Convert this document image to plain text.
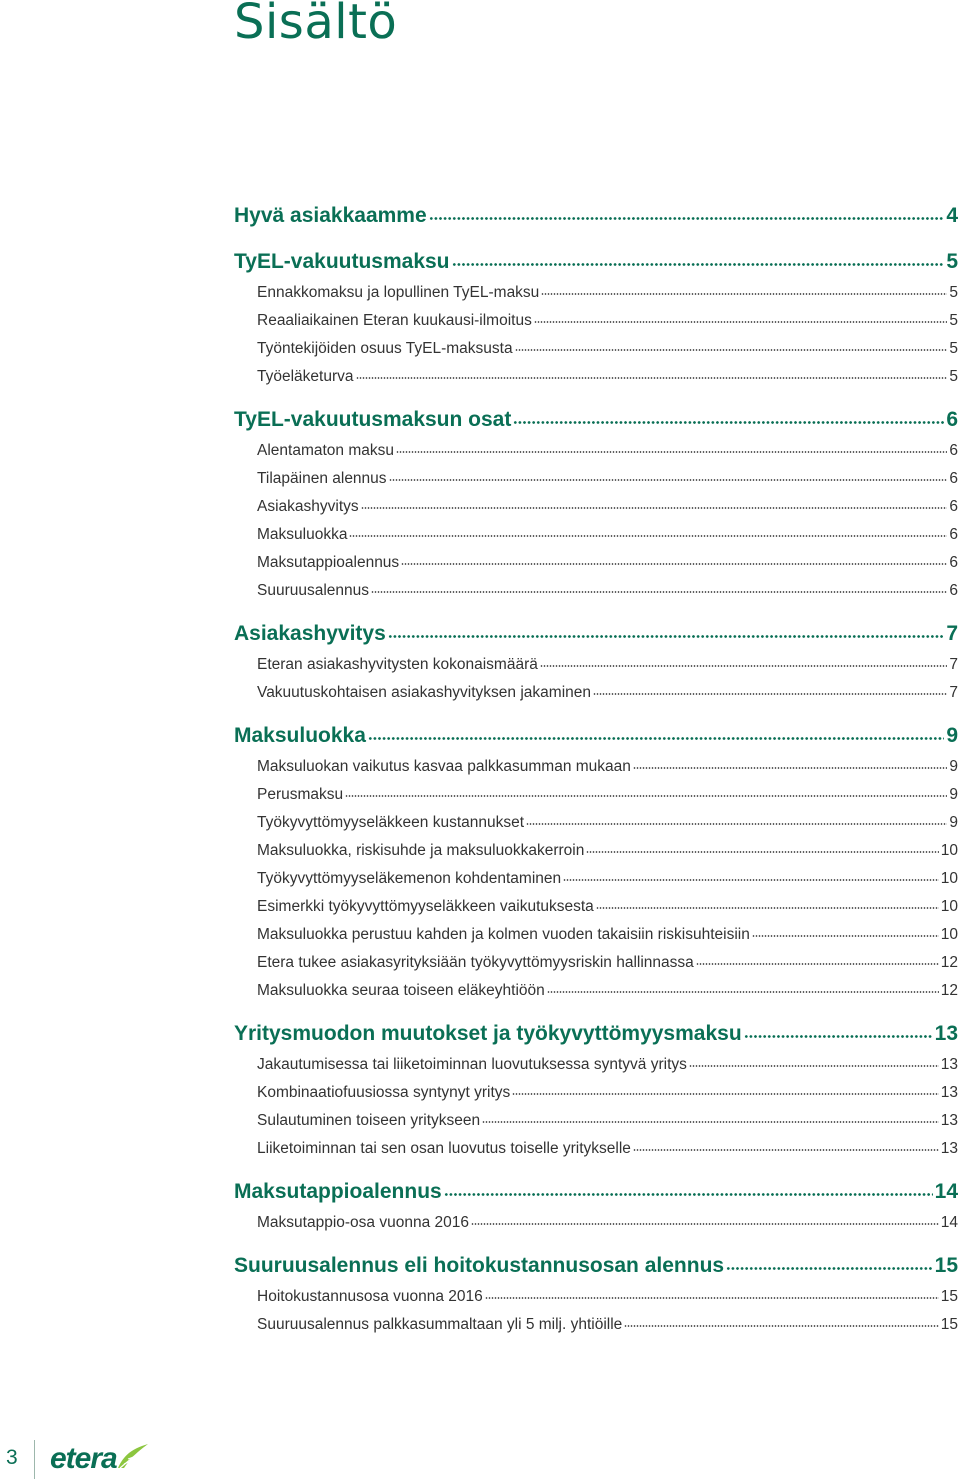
Sisältö
Hyvä asiakkaamme	4
TyEL-vakuutusmaksu	5
Ennakkomaksu ja lopullinen TyEL-maksu	5
Reaaliaikainen Eteran kuukausi-ilmoitus	5
Työntekijöiden osuus TyEL-maksusta	5
Työeläketurva	5
TyEL-vakuutusmaksun osat	6
Alentamaton maksu	6
Tilapäinen alennus	6
Asiakashyvitys	6
Maksuluokka	6
Maksutappioalennus	6
Suuruusalennus	6
Asiakashyvitys	7
Eteran asiakashyvitysten kokonaismäärä	7
Vakuutuskohtaisen asiakashyvityksen jakaminen	7
Maksuluokka	9
Maksuluokan vaikutus kasvaa palkkasumman mukaan	9
Perusmaksu	9
Työkyvyttömyyseläkkeen kustannukset	9
Maksuluokka, riskisuhde ja maksuluokkakerroin	10
Työkyvyttömyyseläkemenon kohdentaminen	10
Esimerkki työkyvyttömyyseläkkeen vaikutuksesta	10
Maksuluokka perustuu kahden ja kolmen vuoden takaisiin riskisuhteisiin	10
Etera tukee asiakasyrityksiään työkyvyttömyysriskin hallinnassa	12
Maksuluokka seuraa toiseen eläkeyhtiöön	12
Yritysmuodon muutokset ja työkyvyttömyysmaksu	13
Jakautumisessa tai liiketoiminnan luovutuksessa syntyvä yritys	13
Kombinaatiofuusiossa syntynyt yritys	13
Sulautuminen toiseen yritykseen	13
Liiketoiminnan tai sen osan luovutus toiselle yritykselle	13
Maksutappioalennus	14
Maksutappio-osa vuonna 2016	14
Suuruusalennus eli hoitokustannusosan alennus	15
Hoitokustannusosa vuonna 2016	15
Suuruusalennus palkkasummaltaan yli 5 milj. yhtiöille	15
3 etera
